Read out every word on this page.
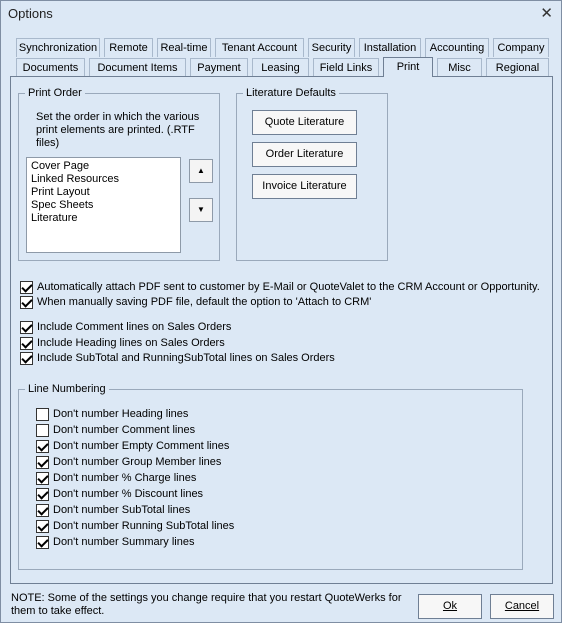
Options	✕
Synchronization	Remote	Real-time	Tenant Account	Security	Installation	Accounting	Company
Documents	Document Items	Payment	Leasing	Field Links	Print	Misc	Regional
Print Order
Set the order in which the various print elements are printed. (.RTF files)
Cover Page
Linked Resources
Print Layout
Spec Sheets
Literature
▲
▼
Literature Defaults
Quote Literature
Order Literature
Invoice Literature
Automatically attach PDF sent to customer by E-Mail or QuoteValet to the CRM Account or Opportunity.
When manually saving PDF file, default the option to 'Attach to CRM'
Include Comment lines on Sales Orders
Include Heading lines on Sales Orders
Include SubTotal and RunningSubTotal lines on Sales Orders
Line Numbering
Don't number Heading lines
Don't number Comment lines
Don't number Empty Comment lines
Don't number Group Member lines
Don't number % Charge lines
Don't number % Discount lines
Don't number SubTotal lines
Don't number Running SubTotal lines
Don't number Summary lines
NOTE: Some of the settings you change require that you restart QuoteWerks for them to take effect.	Ok	Cancel
